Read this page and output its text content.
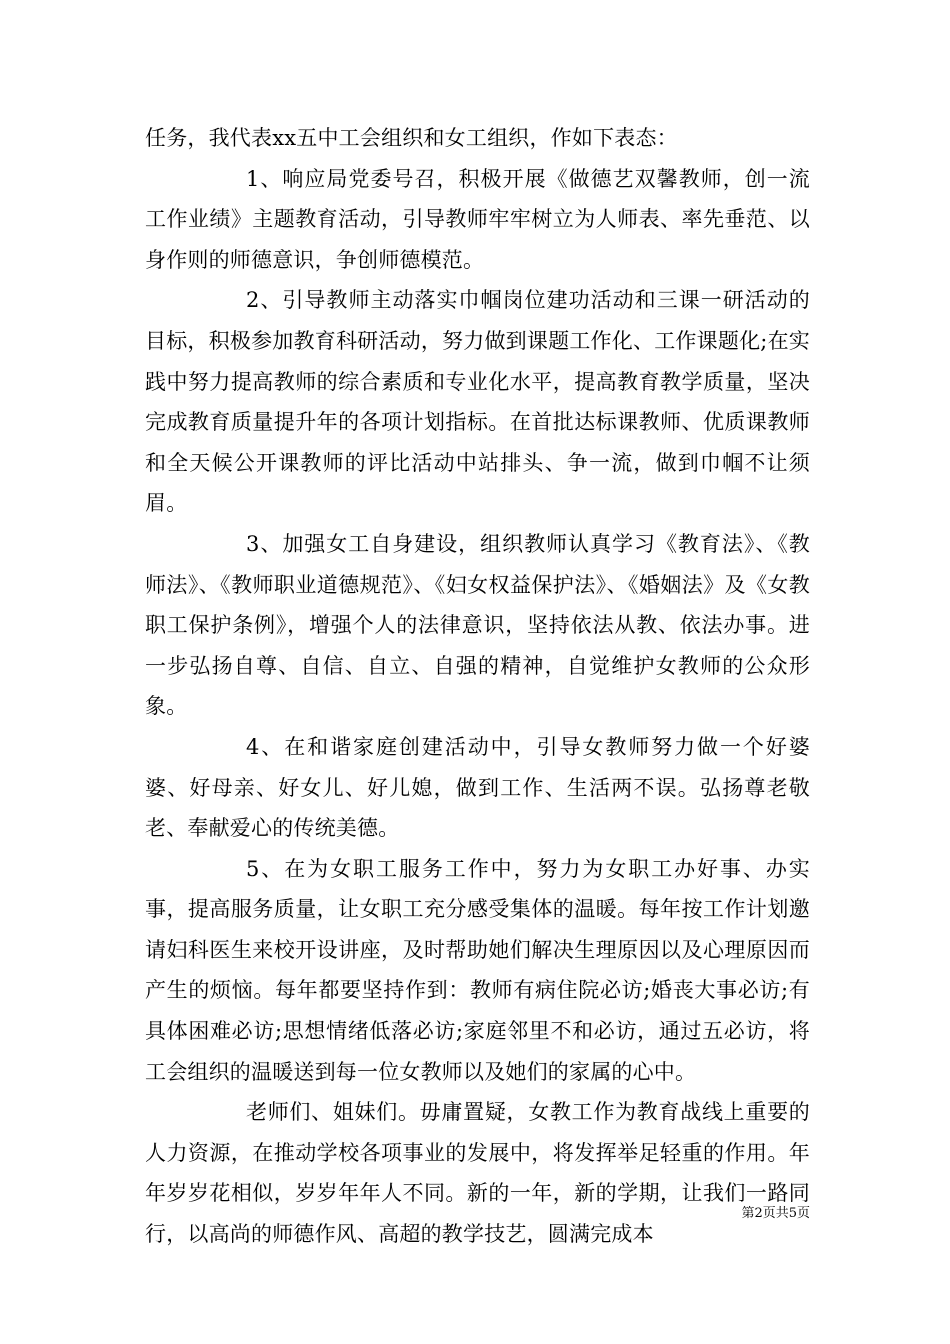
任务，我代表xx五中工会组织和女工组织，作如下表态：

1、响应局党委号召，积极开展《做德艺双馨教师，创一流工作业绩》主题教育活动，引导教师牢牢树立为人师表、率先垂范、以身作则的师德意识，争创师德模范。

2、引导教师主动落实巾帼岗位建功活动和三课一研活动的目标，积极参加教育科研活动，努力做到课题工作化、工作课题化;在实践中努力提高教师的综合素质和专业化水平，提高教育教学质量，坚决完成教育质量提升年的各项计划指标。在首批达标课教师、优质课教师和全天候公开课教师的评比活动中站排头、争一流，做到巾帼不让须眉。

3、加强女工自身建设，组织教师认真学习《教育法》、《教师法》、《教师职业道德规范》、《妇女权益保护法》、《婚姻法》及《女教职工保护条例》，增强个人的法律意识，坚持依法从教、依法办事。进一步弘扬自尊、自信、自立、自强的精神，自觉维护女教师的公众形象。

4、在和谐家庭创建活动中，引导女教师努力做一个好婆婆、好母亲、好女儿、好儿媳，做到工作、生活两不误。弘扬尊老敬老、奉献爱心的传统美德。

5、在为女职工服务工作中，努力为女职工办好事、办实事，提高服务质量，让女职工充分感受集体的温暖。每年按工作计划邀请妇科医生来校开设讲座，及时帮助她们解决生理原因以及心理原因而产生的烦恼。每年都要坚持作到：教师有病住院必访;婚丧大事必访;有具体困难必访;思想情绪低落必访;家庭邻里不和必访，通过五必访，将工会组织的温暖送到每一位女教师以及她们的家属的心中。

老师们、姐妹们。毋庸置疑，女教工作为教育战线上重要的人力资源，在推动学校各项事业的发展中，将发挥举足轻重的作用。年年岁岁花相似，岁岁年年人不同。新的一年，新的学期，让我们一路同行，以高尚的师德作风、高超的教学技艺，圆满完成本

第2页共5页
